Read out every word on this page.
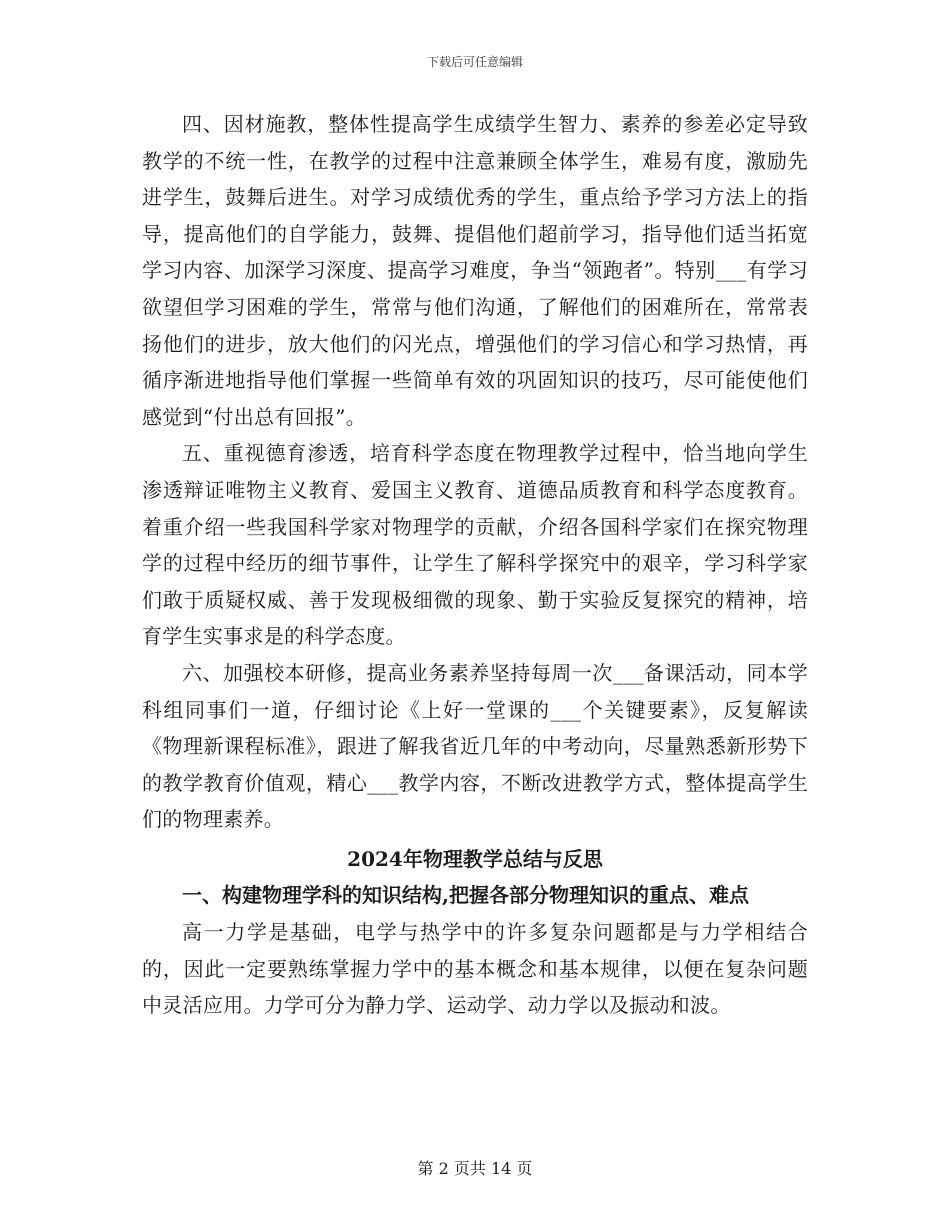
下载后可任意编辑

四、因材施教，整体性提高学生成绩学生智力、素养的参差必定导致教学的不统一性，在教学的过程中注意兼顾全体学生，难易有度，激励先进学生，鼓舞后进生。对学习成绩优秀的学生，重点给予学习方法上的指导，提高他们的自学能力，鼓舞、提倡他们超前学习，指导他们适当拓宽学习内容、加深学习深度、提高学习难度，争当“领跑者”。特别___有学习欲望但学习困难的学生，常常与他们沟通，了解他们的困难所在，常常表扬他们的进步，放大他们的闪光点，增强他们的学习信心和学习热情，再循序渐进地指导他们掌握一些简单有效的巩固知识的技巧，尽可能使他们感觉到“付出总有回报”。

五、重视德育渗透，培育科学态度在物理教学过程中，恰当地向学生渗透辩证唯物主义教育、爱国主义教育、道德品质教育和科学态度教育。着重介绍一些我国科学家对物理学的贡献，介绍各国科学家们在探究物理学的过程中经历的细节事件，让学生了解科学探究中的艰辛，学习科学家们敢于质疑权威、善于发现极细微的现象、勤于实验反复探究的精神，培育学生实事求是的科学态度。

六、加强校本研修，提高业务素养坚持每周一次___备课活动，同本学科组同事们一道，仔细讨论《上好一堂课的___个关键要素》，反复解读《物理新课程标准》，跟进了解我省近几年的中考动向，尽量熟悉新形势下的教学教育价值观，精心___教学内容，不断改进教学方式，整体提高学生们的物理素养。

2024年物理教学总结与反思

一、构建物理学科的知识结构,把握各部分物理知识的重点、难点

高一力学是基础，电学与热学中的许多复杂问题都是与力学相结合的，因此一定要熟练掌握力学中的基本概念和基本规律，以便在复杂问题中灵活应用。力学可分为静力学、运动学、动力学以及振动和波。

第 2 页共 14 页
